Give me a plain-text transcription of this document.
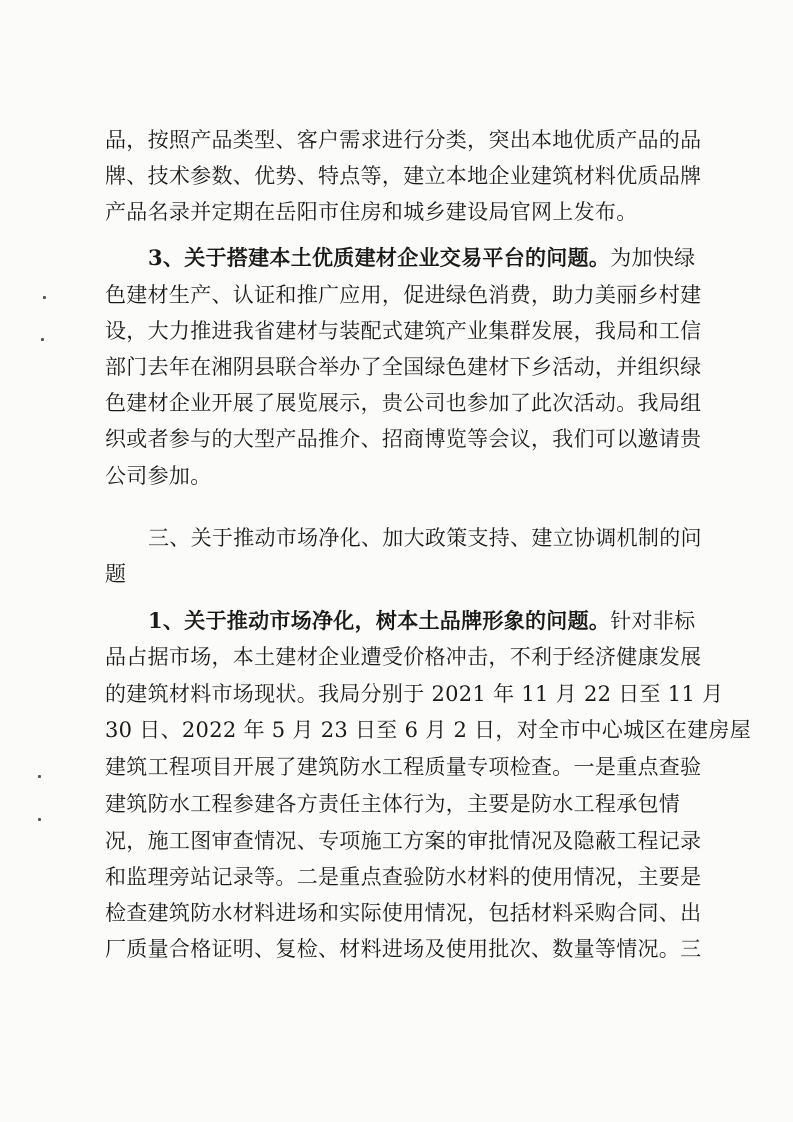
品，按照产品类型、客户需求进行分类，突出本地优质产品的品
牌、技术参数、优势、特点等，建立本地企业建筑材料优质品牌
产品名录并定期在岳阳市住房和城乡建设局官网上发布。
3、关于搭建本土优质建材企业交易平台的问题。为加快绿
色建材生产、认证和推广应用，促进绿色消费，助力美丽乡村建
设，大力推进我省建材与装配式建筑产业集群发展，我局和工信
部门去年在湘阴县联合举办了全国绿色建材下乡活动，并组织绿
色建材企业开展了展览展示，贵公司也参加了此次活动。我局组
织或者参与的大型产品推介、招商博览等会议，我们可以邀请贵
公司参加。
三、关于推动市场净化、加大政策支持、建立协调机制的问
题
1、关于推动市场净化，树本土品牌形象的问题。针对非标
品占据市场，本土建材企业遭受价格冲击，不利于经济健康发展
的建筑材料市场现状。我局分别于 2021 年 11 月 22 日至 11 月
30 日、2022 年 5 月 23 日至 6 月 2 日，对全市中心城区在建房屋
建筑工程项目开展了建筑防水工程质量专项检查。一是重点查验
建筑防水工程参建各方责任主体行为，主要是防水工程承包情
况，施工图审查情况、专项施工方案的审批情况及隐蔽工程记录
和监理旁站记录等。二是重点查验防水材料的使用情况，主要是
检查建筑防水材料进场和实际使用情况，包括材料采购合同、出
厂质量合格证明、复检、材料进场及使用批次、数量等情况。三
